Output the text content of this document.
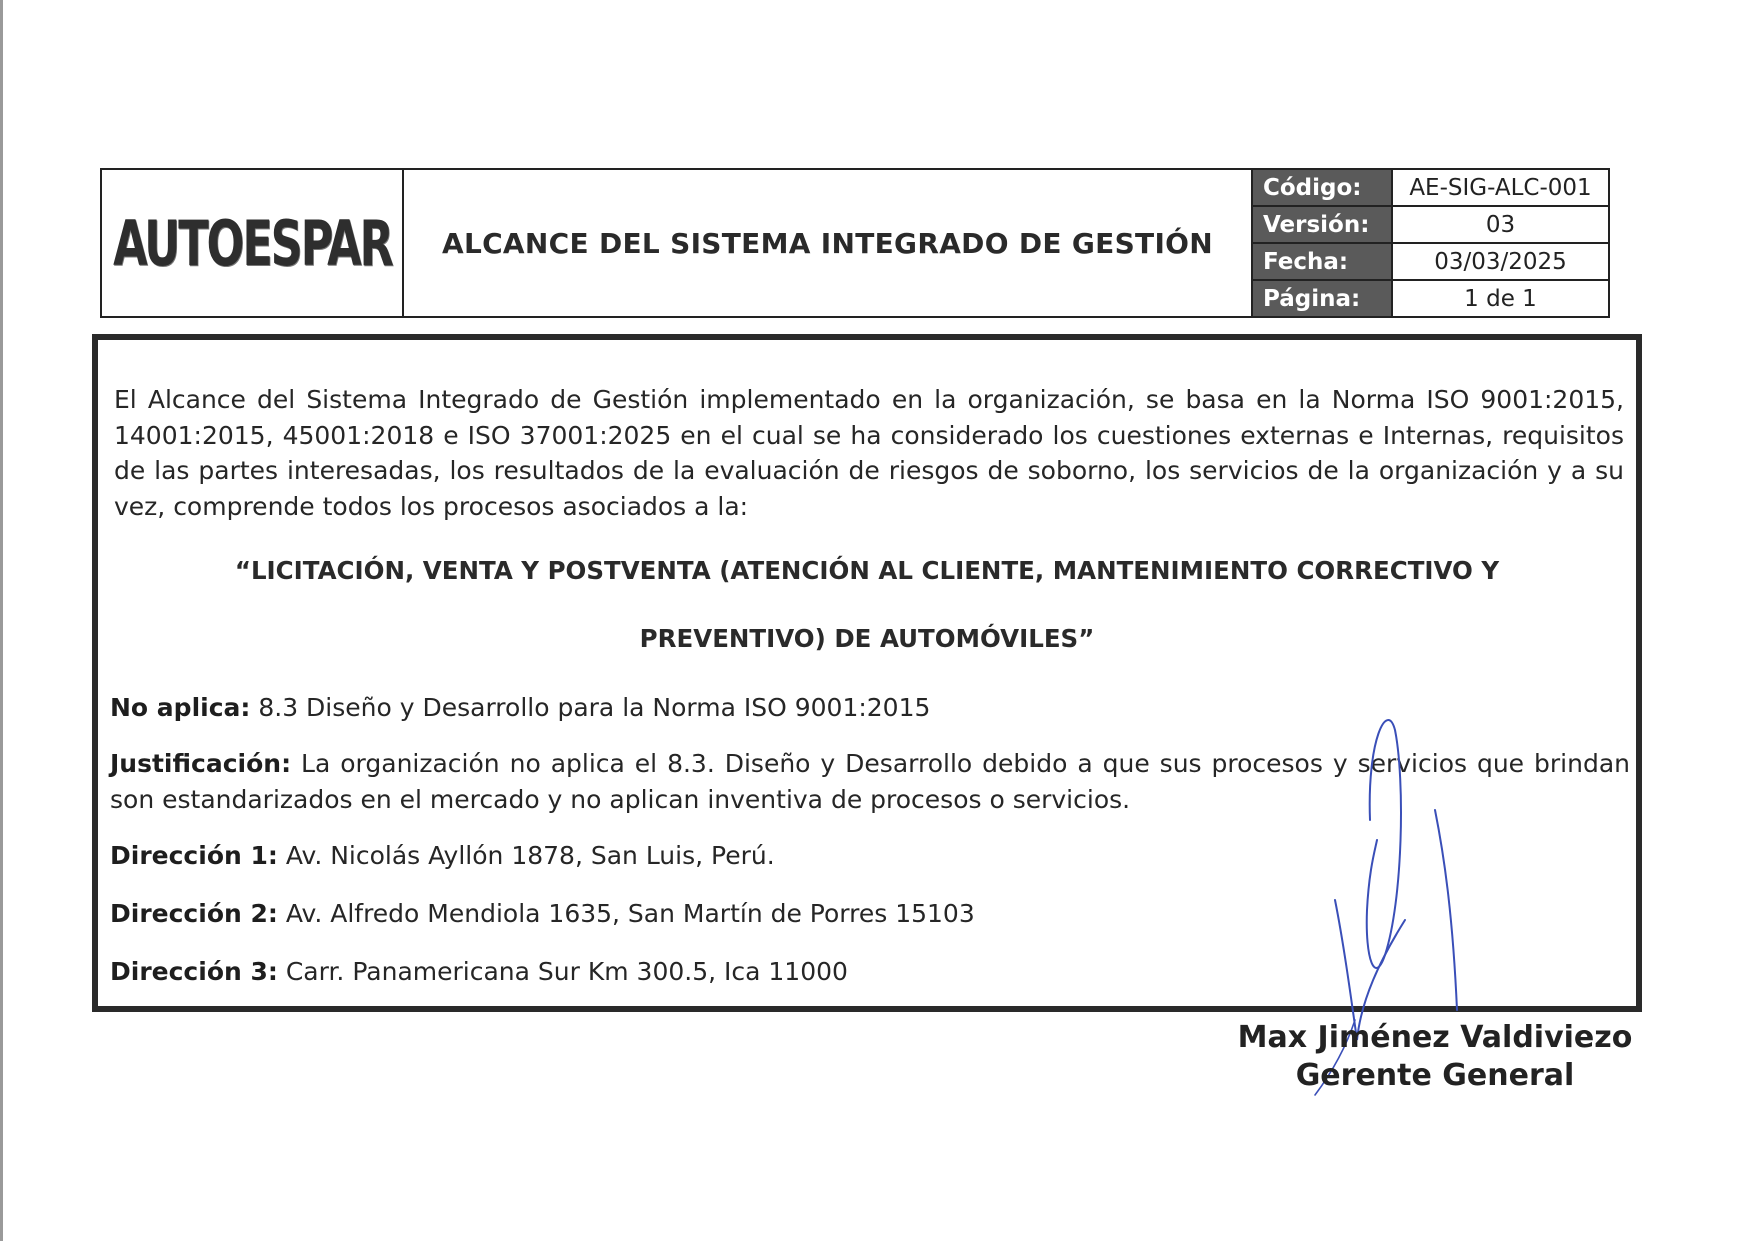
AUTOESPAR ALCANCE DEL SISTEMA INTEGRADO DE GESTIÓN
Código:	AE-SIG-ALC-001
Versión:	03
Fecha:	03/03/2025
Página:	1 de 1

El Alcance del Sistema Integrado de Gestión implementado en la organización, se basa en la Norma ISO 9001:2015, 14001:2015, 45001:2018 e ISO 37001:2025 en el cual se ha considerado los cuestiones externas e Internas, requisitos de las partes interesadas, los resultados de la evaluación de riesgos de soborno, los servicios de la organización y a su vez, comprende todos los procesos asociados a la:

“LICITACIÓN, VENTA Y POSTVENTA (ATENCIÓN AL CLIENTE, MANTENIMIENTO CORRECTIVO Y
PREVENTIVO) DE AUTOMÓVILES”

No aplica: 8.3 Diseño y Desarrollo para la Norma ISO 9001:2015

Justificación: La organización no aplica el 8.3. Diseño y Desarrollo debido a que sus procesos y servicios que brindan son estandarizados en el mercado y no aplican inventiva de procesos o servicios.

Dirección 1: Av. Nicolás Ayllón 1878, San Luis, Perú.

Dirección 2: Av. Alfredo Mendiola 1635, San Martín de Porres 15103

Dirección 3: Carr. Panamericana Sur Km 300.5, Ica 11000

Max Jiménez Valdiviezo
Gerente General
